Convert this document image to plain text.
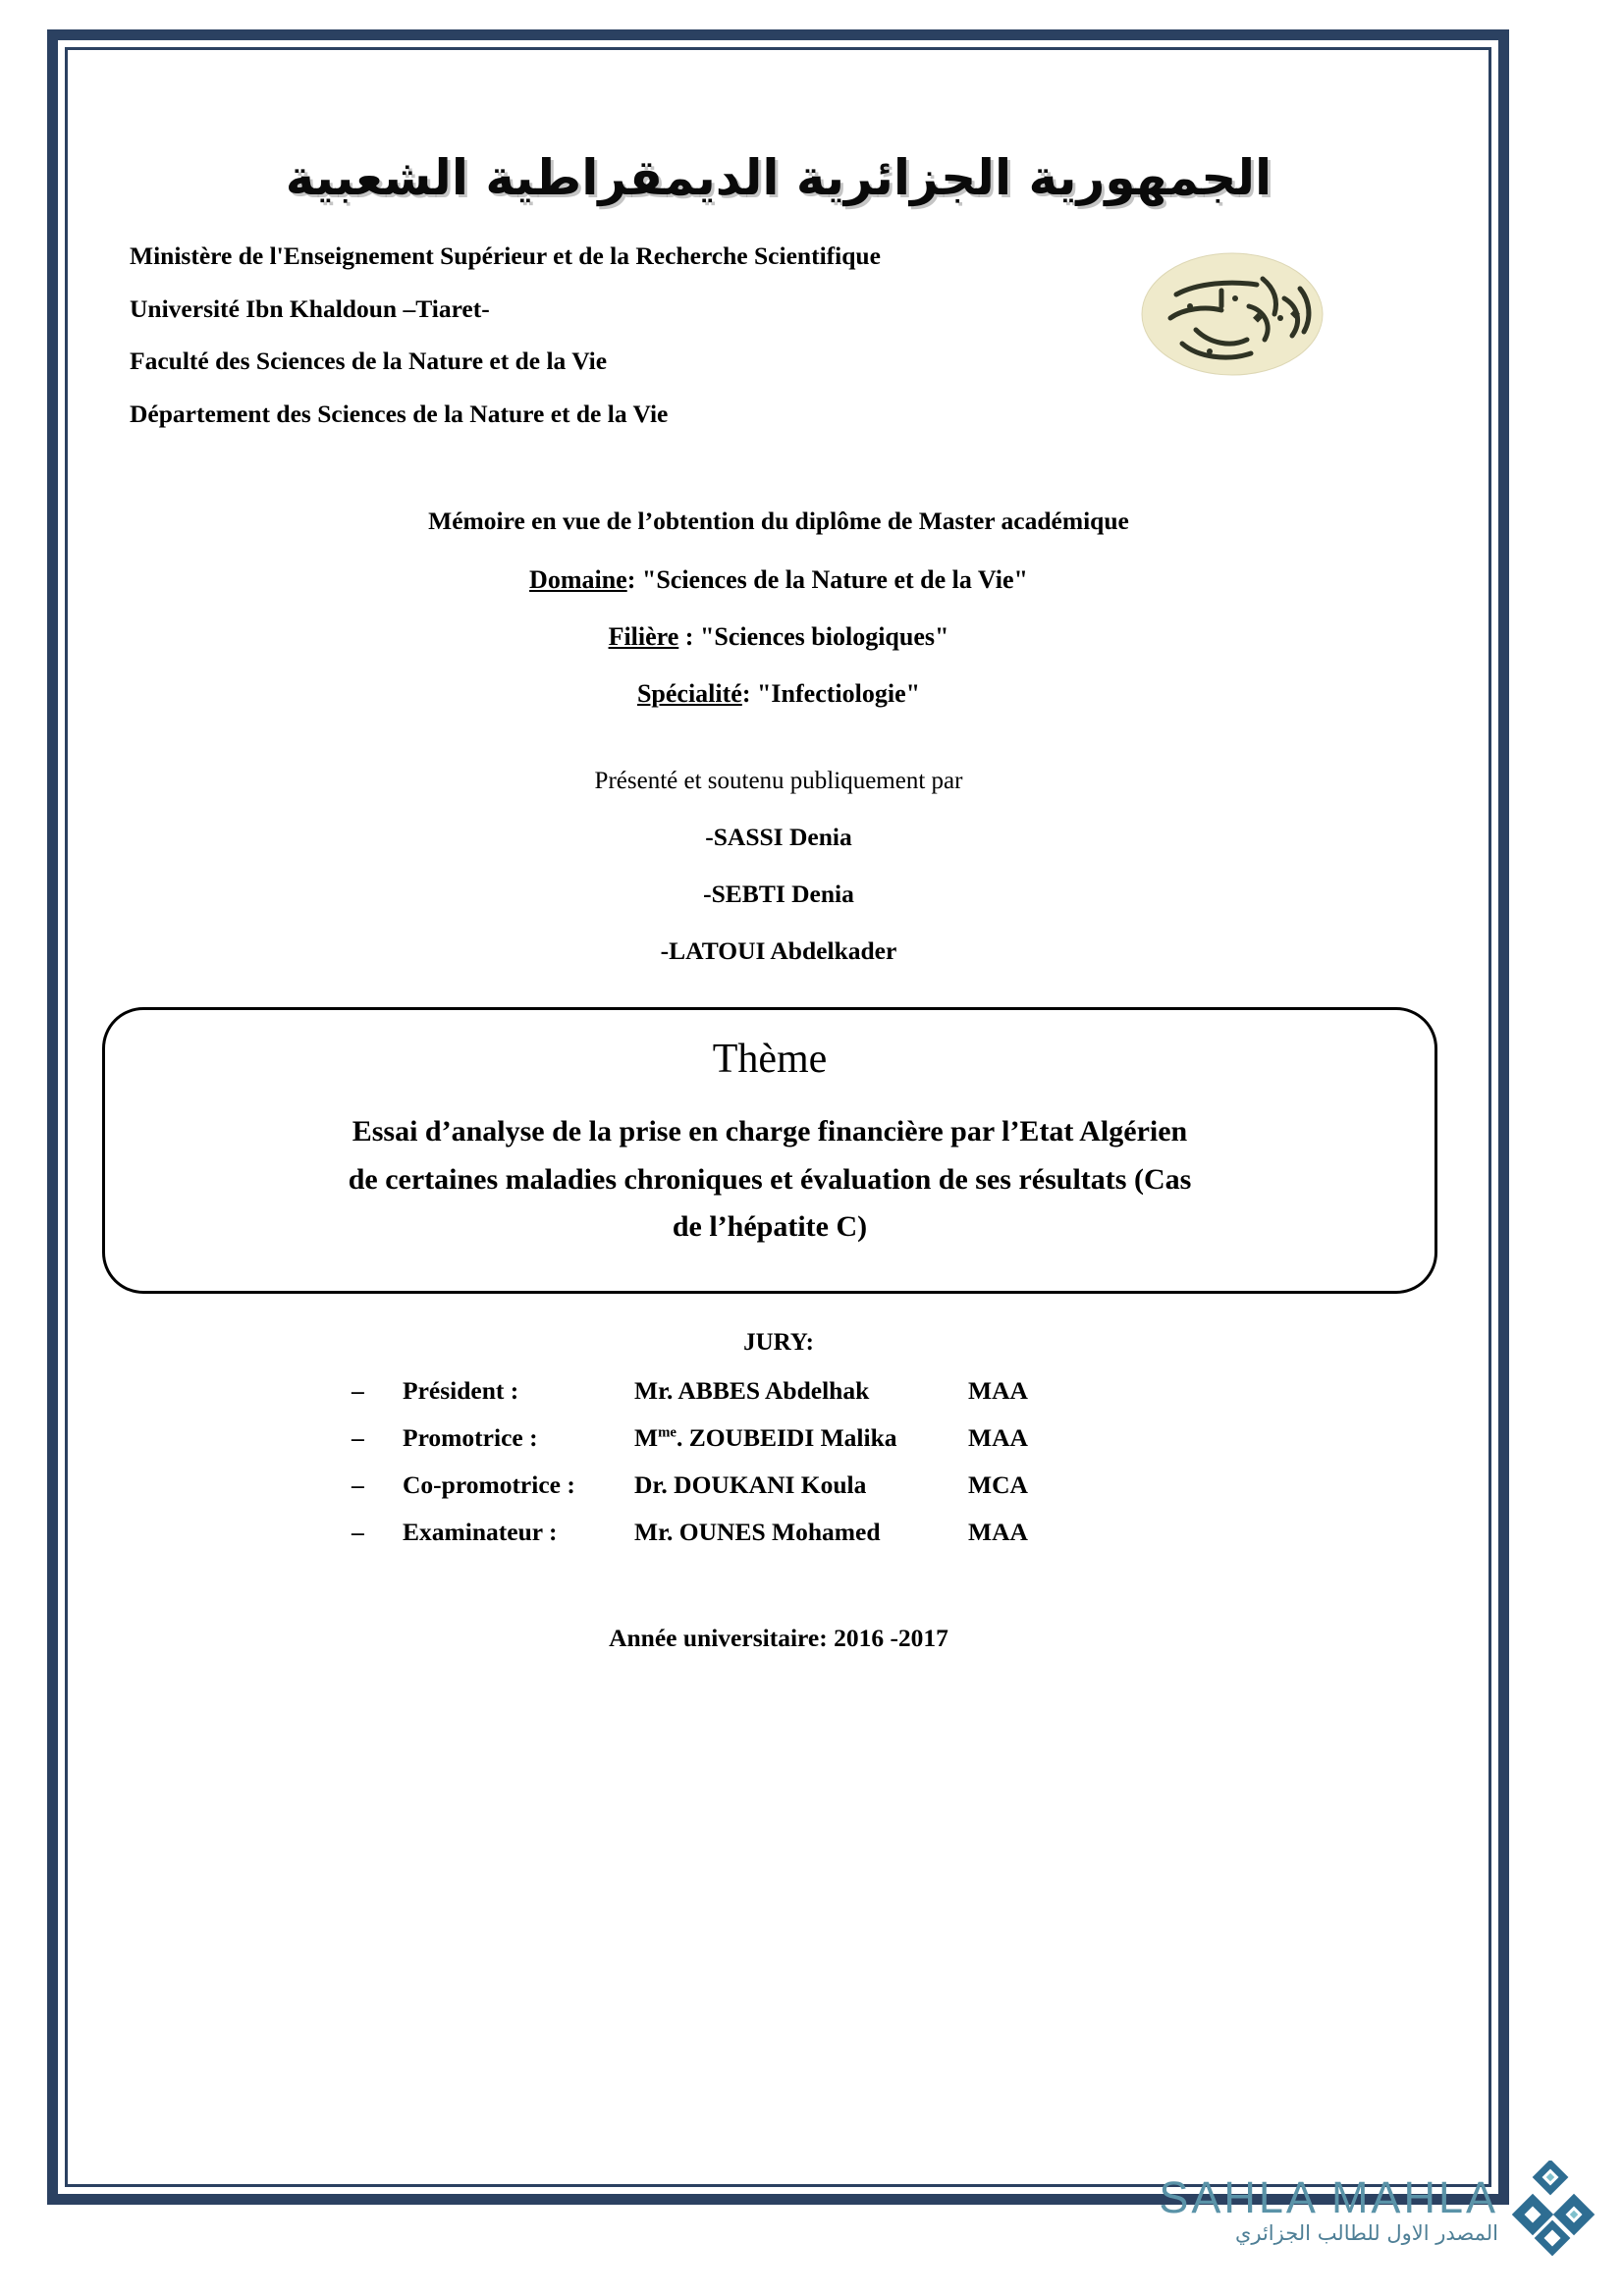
الجمهورية الجزائرية الديمقراطية الشعبية
Ministère de l'Enseignement Supérieur et de la Recherche Scientifique
Université Ibn Khaldoun –Tiaret-
Faculté des Sciences de la Nature et de la Vie
Département des Sciences de la Nature et de la Vie
Mémoire en vue de l’obtention du diplôme de Master académique
Domaine: "Sciences de la Nature et de la Vie"
Filière : "Sciences biologiques"
Spécialité: "Infectiologie"
Présenté et soutenu publiquement par
-SASSI Denia
-SEBTI Denia
-LATOUI Abdelkader
Thème
Essai d’analyse de la prise en charge financière par l’Etat Algérien
de certaines maladies chroniques et évaluation de ses résultats (Cas
de l’hépatite C)
JURY:
–	Président :	Mr. ABBES Abdelhak	MAA
–	Promotrice :	$M^{me}$. ZOUBEIDI Malika	MAA
–	Co-promotrice :	Dr. DOUKANI Koula	MCA
–	Examinateur :	Mr. OUNES Mohamed	MAA
Année universitaire: 2016 -2017
SAHLA MAHLA
المصدر الاول للطالب الجزائري
